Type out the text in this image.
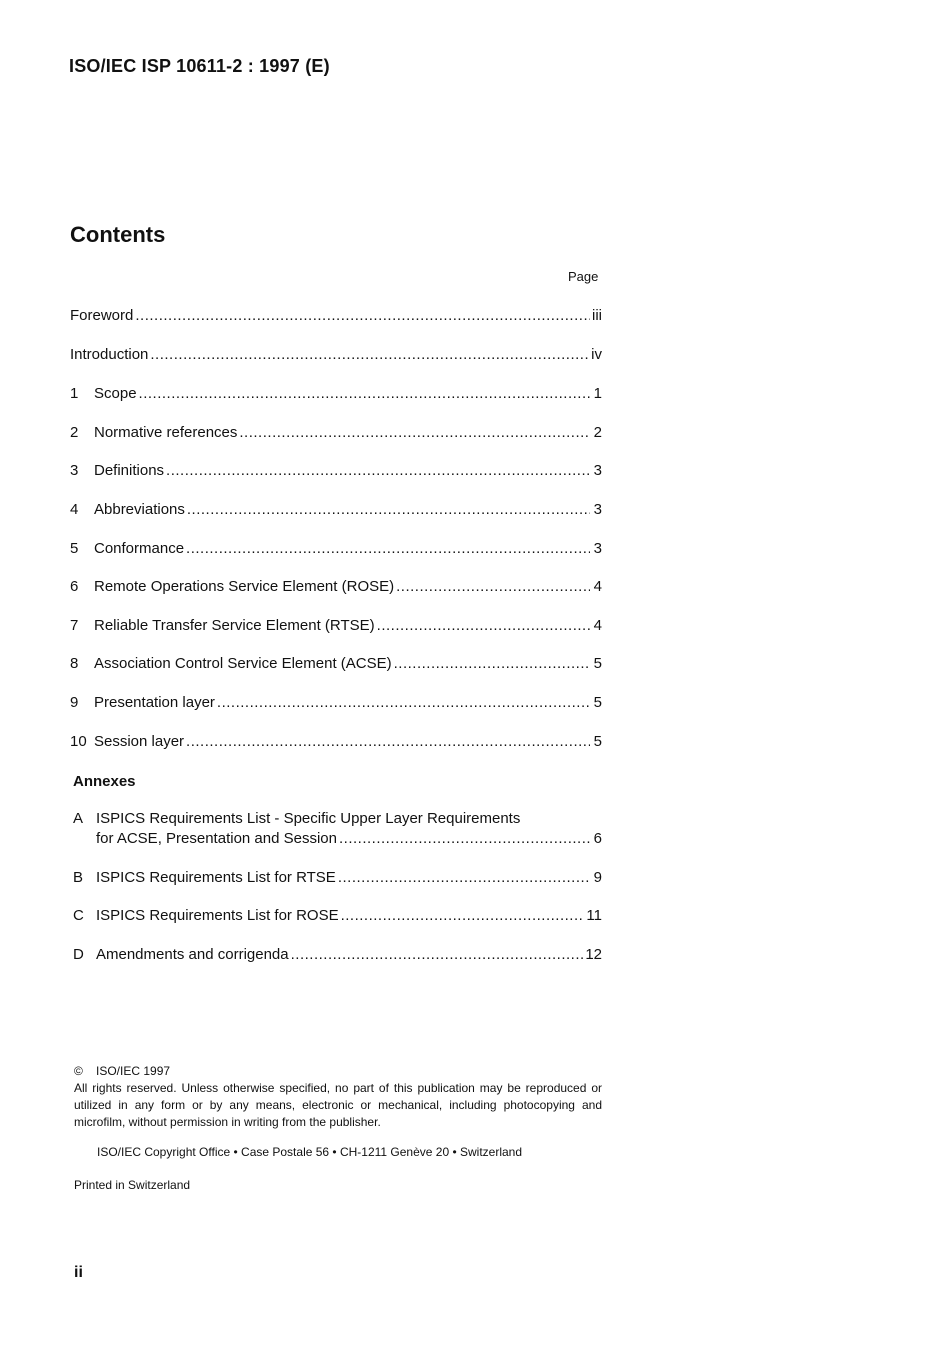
ISO/IEC ISP 10611-2 : 1997 (E)
Contents
Page
Foreword .....	iii
Introduction .....	iv
1	Scope .....	1
2	Normative references .....	2
3	Definitions .....	3
4	Abbreviations .....	3
5	Conformance .....	3
6	Remote Operations Service Element (ROSE) .....	4
7	Reliable Transfer Service Element (RTSE) .....	4
8	Association Control Service Element (ACSE) .....	5
9	Presentation layer .....	5
10 Session layer .....	5
Annexes
A ISPICS Requirements List - Specific Upper Layer Requirements
for ACSE, Presentation and Session .....	6
B ISPICS Requirements List for RTSE .....	9
C ISPICS Requirements List for ROSE .....	11
D Amendments and corrigenda .....	12
© ISO/IEC 1997
All rights reserved. Unless otherwise specified, no part of this publication may be reproduced or utilized in any form or by any means, electronic or mechanical, including photocopying and microfilm, without permission in writing from the publisher.
ISO/IEC Copyright Office • Case Postale 56 • CH-1211 Genève 20 • Switzerland
Printed in Switzerland
ii
